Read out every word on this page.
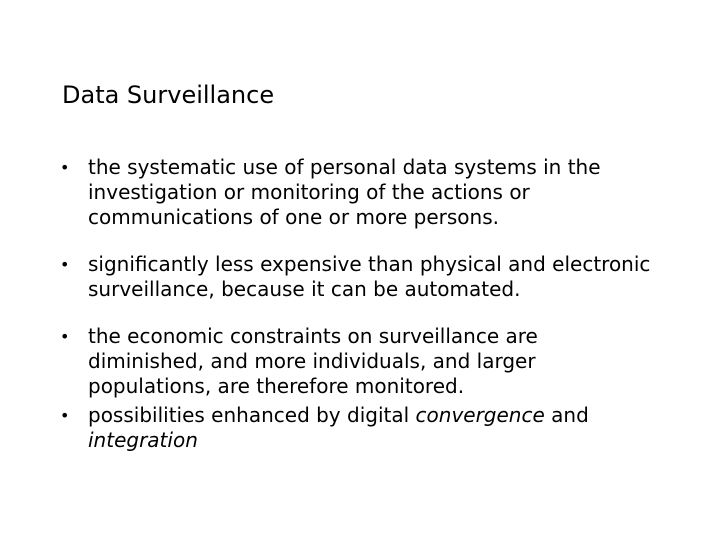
Data Surveillance
• the systematic use of personal data systems in the investigation or monitoring of the actions or communications of one or more persons.
• significantly less expensive than physical and electronic surveillance, because it can be automated.
• the economic constraints on surveillance are diminished, and more individuals, and larger populations, are therefore monitored.
• possibilities enhanced by digital convergence and integration
